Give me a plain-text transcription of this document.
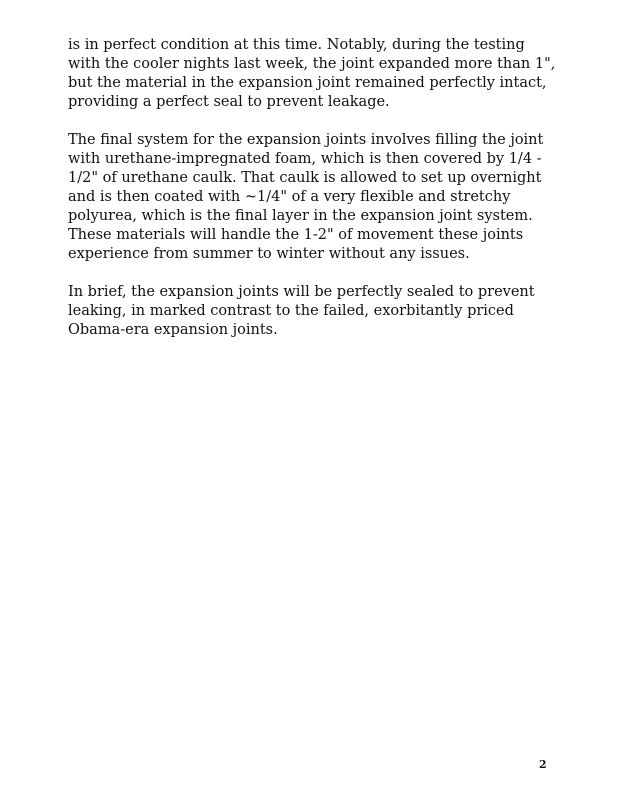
is in perfect condition at this time. Notably, during the testing
with the cooler nights last week, the joint expanded more than 1",
but the material in the expansion joint remained perfectly intact,
providing a perfect seal to prevent leakage.

The final system for the expansion joints involves filling the joint
with urethane-impregnated foam, which is then covered by 1/4 -
1/2" of urethane caulk. That caulk is allowed to set up overnight
and is then coated with ~1/4" of a very flexible and stretchy
polyurea, which is the final layer in the expansion joint system.
These materials will handle the 1-2" of movement these joints
experience from summer to winter without any issues.

In brief, the expansion joints will be perfectly sealed to prevent
leaking, in marked contrast to the failed, exorbitantly priced
Obama-era expansion joints.

2
